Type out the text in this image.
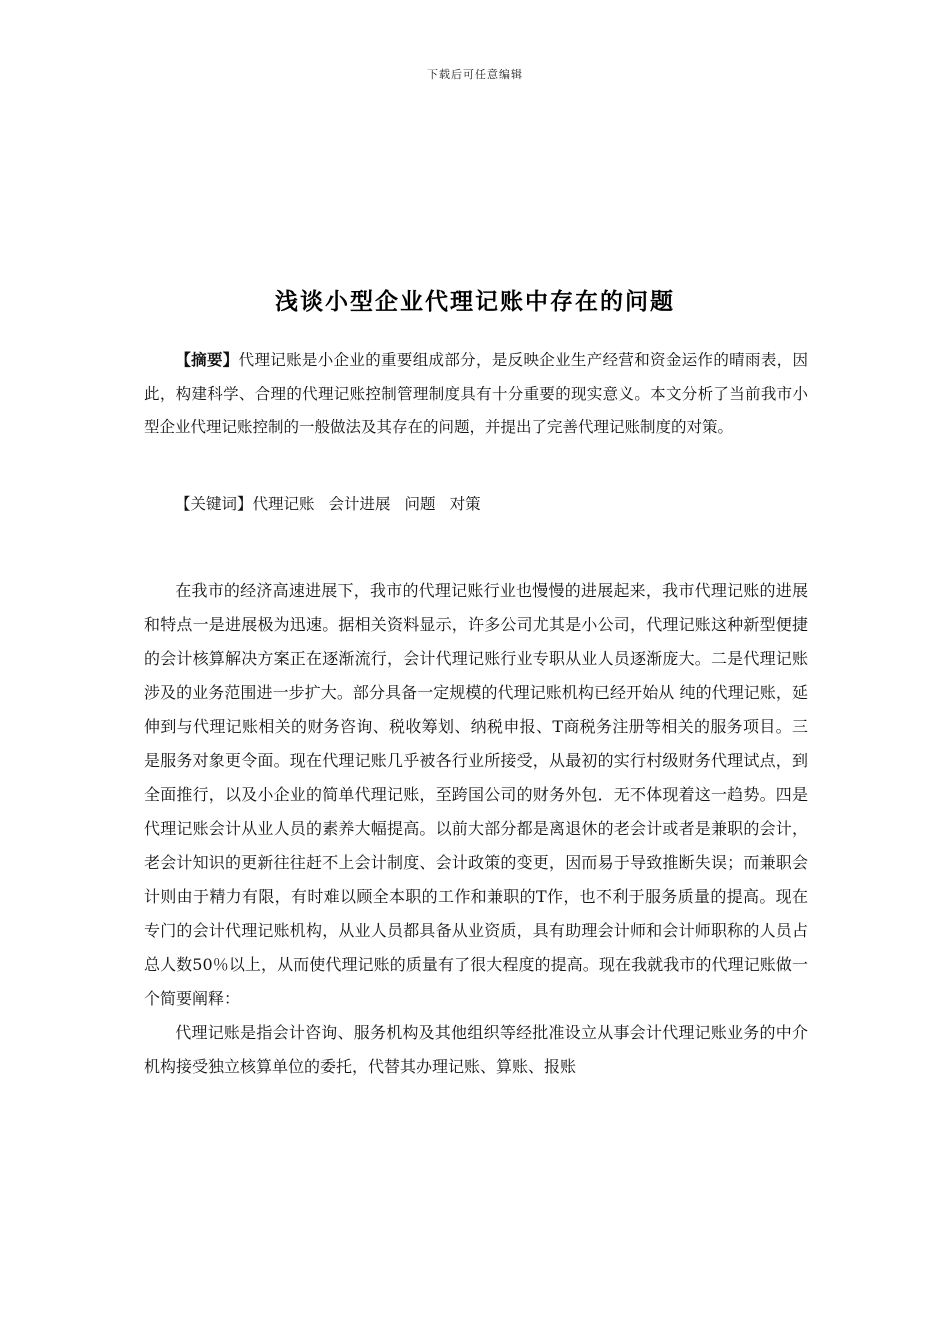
下载后可任意编辑
浅谈小型企业代理记账中存在的问题
【摘要】代理记账是小企业的重要组成部分，是反映企业生产经营和资金运作的晴雨表，因此，构建科学、合理的代理记账控制管理制度具有十分重要的现实意义。本文分析了当前我市小型企业代理记账控制的一般做法及其存在的问题，并提出了完善代理记账制度的对策。
【关键词】代理记账 会计进展 问题 对策

在我市的经济高速进展下，我市的代理记账行业也慢慢的进展起来，我市代理记账的进展和特点一是进展极为迅速。据相关资料显示，许多公司尤其是小公司，代理记账这种新型便捷的会计核算解决方案正在逐渐流行，会计代理记账行业专职从业人员逐渐庞大。二是代理记账涉及的业务范围进一步扩大。部分具备一定规模的代理记账机构已经开始从 纯的代理记账，延伸到与代理记账相关的财务咨询、税收筹划、纳税申报、T商税务注册等相关的服务项目。三是服务对象更令面。现在代理记账几乎被各行业所接受，从最初的实行村级财务代理试点，到全面推行，以及小企业的简单代理记账，至跨国公司的财务外包．无不体现着这一趋势。四是代理记账会计从业人员的素养大幅提高。以前大部分都是离退休的老会计或者是兼职的会计，老会计知识的更新往往赶不上会计制度、会计政策的变更，因而易于导致推断失误；而兼职会计则由于精力有限，有时难以顾全本职的工作和兼职的T作，也不利于服务质量的提高。现在专门的会计代理记账机构，从业人员都具备从业资质，具有助理会计师和会计师职称的人员占总人数50％以上，从而使代理记账的质量有了很大程度的提高。现在我就我市的代理记账做一个简要阐释：

代理记账是指会计咨询、服务机构及其他组织等经批准设立从事会计代理记账业务的中介机构接受独立核算单位的委托，代替其办理记账、算账、报账
